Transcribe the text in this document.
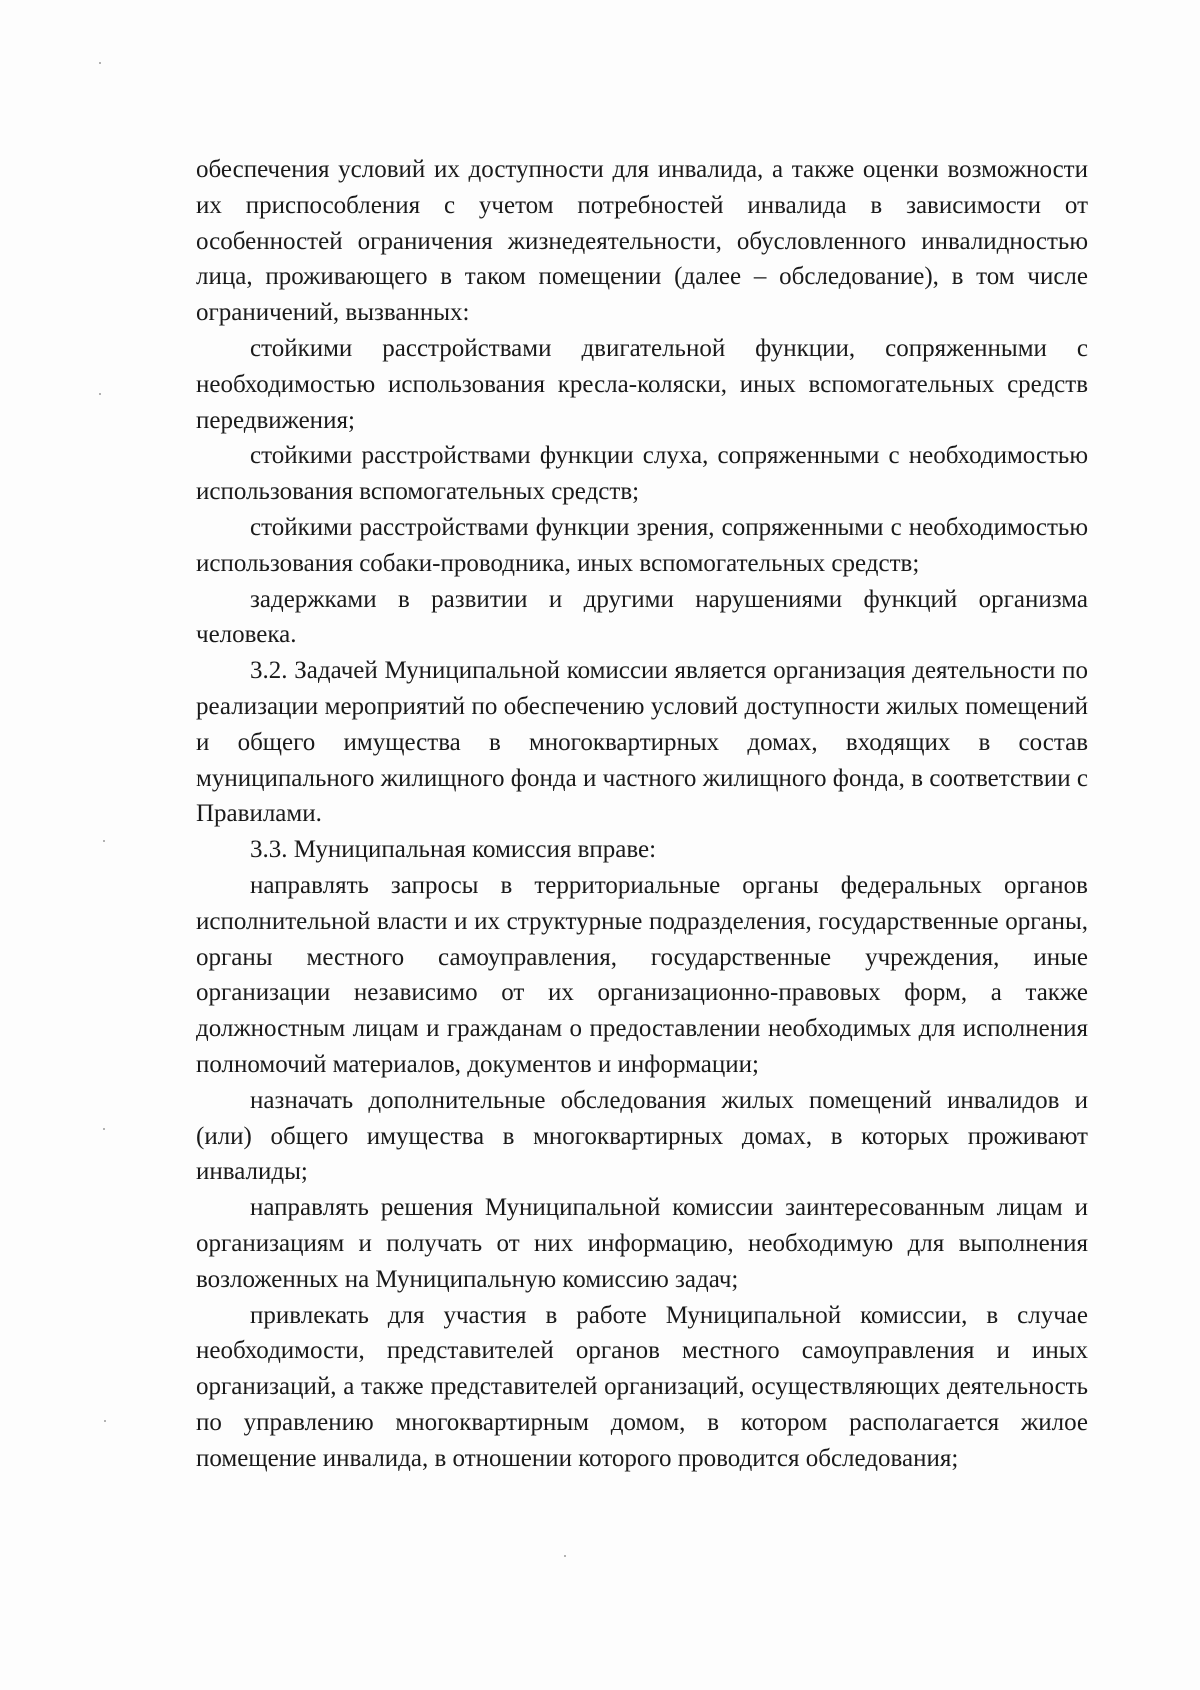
обеспечения условий их доступности для инвалида, а также оценки возможности их приспособления с учетом потребностей инвалида в зависимости от особенностей ограничения жизнедеятельности, обусловленного инвалидностью лица, проживающего в таком помещении (далее – обследование), в том числе ограничений, вызванных:

стойкими расстройствами двигательной функции, сопряженными с необходимостью использования кресла-коляски, иных вспомогательных средств передвижения;

стойкими расстройствами функции слуха, сопряженными с необходимостью использования вспомогательных средств;

стойкими расстройствами функции зрения, сопряженными с необходимостью использования собаки-проводника, иных вспомогательных средств;

задержками в развитии и другими нарушениями функций организма человека.

3.2. Задачей Муниципальной комиссии является организация деятельности по реализации мероприятий по обеспечению условий доступности жилых помещений и общего имущества в многоквартирных домах, входящих в состав муниципального жилищного фонда и частного жилищного фонда, в соответствии с Правилами.

3.3. Муниципальная комиссия вправе:

направлять запросы в территориальные органы федеральных органов исполнительной власти и их структурные подразделения, государственные органы, органы местного самоуправления, государственные учреждения, иные организации независимо от их организационно-правовых форм, а также должностным лицам и гражданам о предоставлении необходимых для исполнения полномочий материалов, документов и информации;

назначать дополнительные обследования жилых помещений инвалидов и (или) общего имущества в многоквартирных домах, в которых проживают инвалиды;

направлять решения Муниципальной комиссии заинтересованным лицам и организациям и получать от них информацию, необходимую для выполнения возложенных на Муниципальную комиссию задач;

привлекать для участия в работе Муниципальной комиссии, в случае необходимости, представителей органов местного самоуправления и иных организаций, а также представителей организаций, осуществляющих деятельность по управлению многоквартирным домом, в котором располагается жилое помещение инвалида, в отношении которого проводится обследования;
